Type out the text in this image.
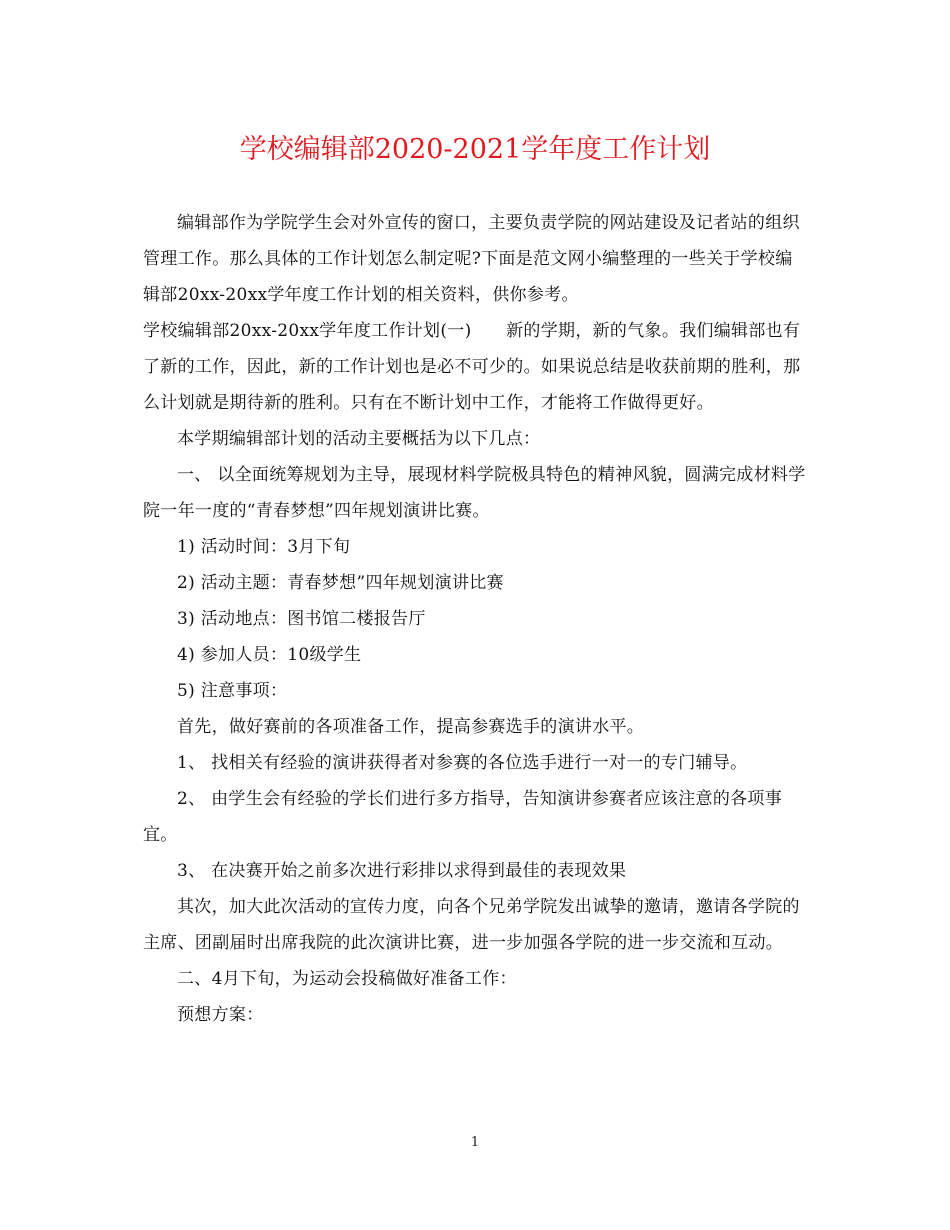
学校编辑部2020-2021学年度工作计划

编辑部作为学院学生会对外宣传的窗口，主要负责学院的网站建设及记者站的组织管理工作。那么具体的工作计划怎么制定呢?下面是范文网小编整理的一些关于学校编辑部20xx-20xx学年度工作计划的相关资料，供你参考。

学校编辑部20xx-20xx学年度工作计划(一)　　新的学期，新的气象。我们编辑部也有了新的工作，因此，新的工作计划也是必不可少的。如果说总结是收获前期的胜利，那么计划就是期待新的胜利。只有在不断计划中工作，才能将工作做得更好。

本学期编辑部计划的活动主要概括为以下几点：

一、 以全面统筹规划为主导，展现材料学院极具特色的精神风貌，圆满完成材料学院一年一度的“青春梦想”四年规划演讲比赛。

1) 活动时间：3月下旬

2) 活动主题：青春梦想”四年规划演讲比赛

3) 活动地点：图书馆二楼报告厅

4) 参加人员：10级学生

5) 注意事项：

首先，做好赛前的各项准备工作，提高参赛选手的演讲水平。

1、 找相关有经验的演讲获得者对参赛的各位选手进行一对一的专门辅导。

2、 由学生会有经验的学长们进行多方指导，告知演讲参赛者应该注意的各项事宜。

3、 在决赛开始之前多次进行彩排以求得到最佳的表现效果

其次，加大此次活动的宣传力度，向各个兄弟学院发出诚挚的邀请，邀请各学院的主席、团副届时出席我院的此次演讲比赛，进一步加强各学院的进一步交流和互动。

二、4月下旬，为运动会投稿做好准备工作：

预想方案：

1
